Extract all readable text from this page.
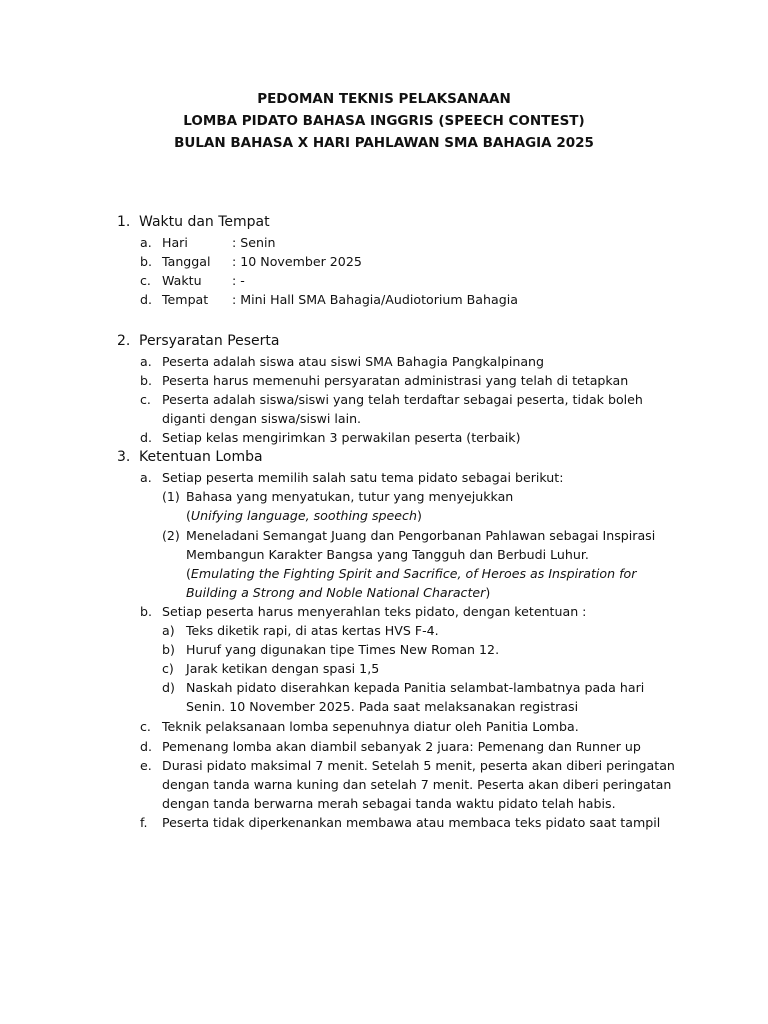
PEDOMAN TEKNIS PELAKSANAAN
LOMBA PIDATO BAHASA INGGRIS (SPEECH CONTEST)
BULAN BAHASA X HARI PAHLAWAN SMA BAHAGIA 2025
1. Waktu dan Tempat
a. Hari	: Senin
b. Tanggal : 10 November 2025
c. Waktu : -
d. Tempat : Mini Hall SMA Bahagia/Audiotorium Bahagia
2. Persyaratan Peserta
a. Peserta adalah siswa atau siswi SMA Bahagia Pangkalpinang
b. Peserta harus memenuhi persyaratan administrasi yang telah di tetapkan
c. Peserta adalah siswa/siswi yang telah terdaftar sebagai peserta, tidak boleh
diganti dengan siswa/siswi lain.
d. Setiap kelas mengirimkan 3 perwakilan peserta (terbaik)
3. Ketentuan Lomba
a. Setiap peserta memilih salah satu tema pidato sebagai berikut:
(1) Bahasa yang menyatukan, tutur yang menyejukkan
(Unifying language, soothing speech)
(2) Meneladani Semangat Juang dan Pengorbanan Pahlawan sebagai Inspirasi
Membangun Karakter Bangsa yang Tangguh dan Berbudi Luhur.
(Emulating the Fighting Spirit and Sacrifice, of Heroes as Inspiration for
Building a Strong and Noble National Character)
b. Setiap peserta harus menyerahlan teks pidato, dengan ketentuan :
a) Teks diketik rapi, di atas kertas HVS F-4.
b) Huruf yang digunakan tipe Times New Roman 12.
c) Jarak ketikan dengan spasi 1,5
d) Naskah pidato diserahkan kepada Panitia selambat-lambatnya pada hari
Senin. 10 November 2025. Pada saat melaksanakan registrasi
c. Teknik pelaksanaan lomba sepenuhnya diatur oleh Panitia Lomba.
d. Pemenang lomba akan diambil sebanyak 2 juara: Pemenang dan Runner up
e. Durasi pidato maksimal 7 menit. Setelah 5 menit, peserta akan diberi peringatan
dengan tanda warna kuning dan setelah 7 menit. Peserta akan diberi peringatan
dengan tanda berwarna merah sebagai tanda waktu pidato telah habis.
f. Peserta tidak diperkenankan membawa atau membaca teks pidato saat tampil
